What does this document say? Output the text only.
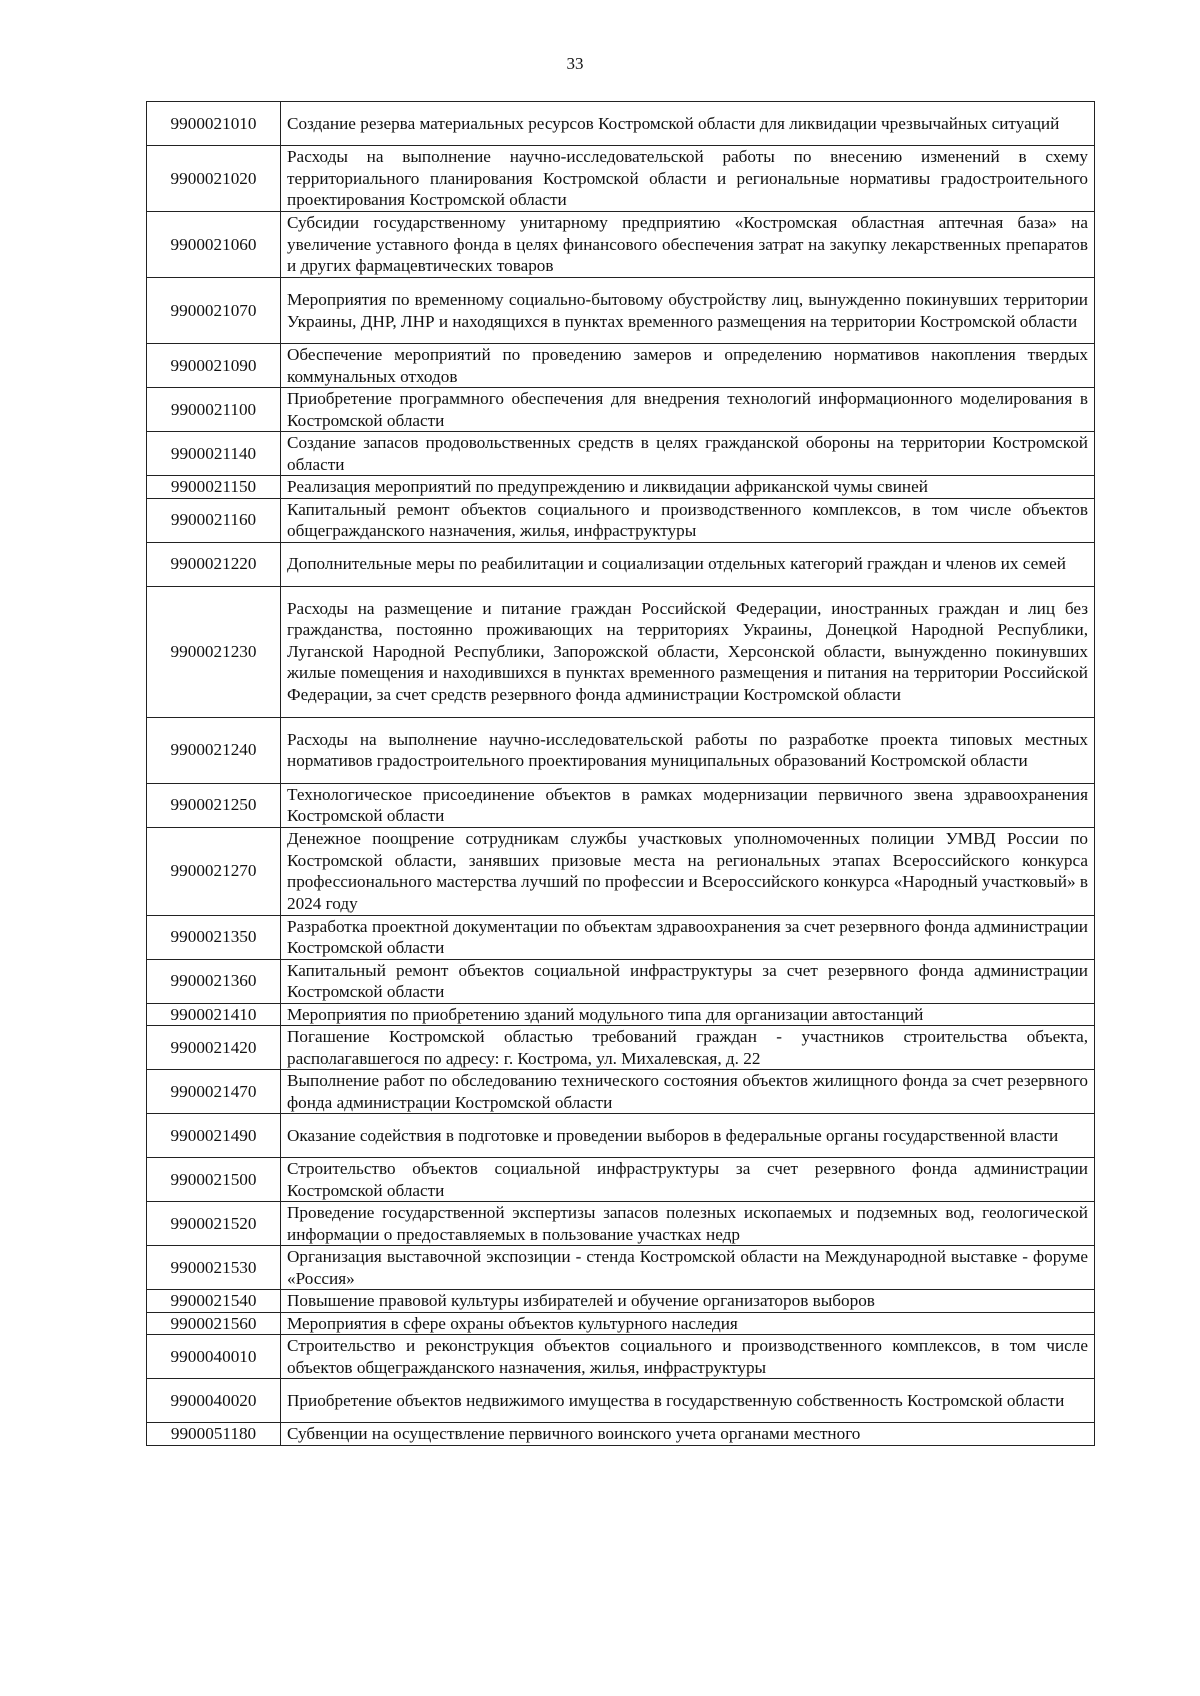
33
9900021010	Создание резерва материальных ресурсов Костромской области для ликвидации чрезвычайных ситуаций
9900021020	Расходы на выполнение научно-исследовательской работы по внесению изменений в схему территориального планирования Костромской области и региональные нормативы градостроительного проектирования Костромской области
9900021060	Субсидии государственному унитарному предприятию «Костромская областная аптечная база» на увеличение уставного фонда в целях финансового обеспечения затрат на закупку лекарственных препаратов и других фармацевтических товаров
9900021070	Мероприятия по временному социально-бытовому обустройству лиц, вынужденно покинувших территории Украины, ДНР, ЛНР и находящихся в пунктах временного размещения на территории Костромской области
9900021090	Обеспечение мероприятий по проведению замеров и определению нормативов накопления твердых коммунальных отходов
9900021100	Приобретение программного обеспечения для внедрения технологий информационного моделирования в Костромской области
9900021140	Создание запасов продовольственных средств в целях гражданской обороны на территории Костромской области
9900021150	Реализация мероприятий по предупреждению и ликвидации африканской чумы свиней
9900021160	Капитальный ремонт объектов социального и производственного комплексов, в том числе объектов общегражданского назначения, жилья, инфраструктуры
9900021220	Дополнительные меры по реабилитации и социализации отдельных категорий граждан и членов их семей
9900021230	Расходы на размещение и питание граждан Российской Федерации, иностранных граждан и лиц без гражданства, постоянно проживающих на территориях Украины, Донецкой Народной Республики, Луганской Народной Республики, Запорожской области, Херсонской области, вынужденно покинувших жилые помещения и находившихся в пунктах временного размещения и питания на территории Российской Федерации, за счет средств резервного фонда администрации Костромской области
9900021240	Расходы на выполнение научно-исследовательской работы по разработке проекта типовых местных нормативов градостроительного проектирования муниципальных образований Костромской области
9900021250	Технологическое присоединение объектов в рамках модернизации первичного звена здравоохранения Костромской области
9900021270	Денежное поощрение сотрудникам службы участковых уполномоченных полиции УМВД России по Костромской области, занявших призовые места на региональных этапах Всероссийского конкурса профессионального мастерства лучший по профессии и Всероссийского конкурса «Народный участковый» в 2024 году
9900021350	Разработка проектной документации по объектам здравоохранения за счет резервного фонда администрации Костромской области
9900021360	Капитальный ремонт объектов социальной инфраструктуры за счет резервного фонда администрации Костромской области
9900021410	Мероприятия по приобретению зданий модульного типа для организации автостанций
9900021420	Погашение Костромской областью требований граждан - участников строительства объекта, располагавшегося по адресу: г. Кострома, ул. Михалевская, д. 22
9900021470	Выполнение работ по обследованию технического состояния объектов жилищного фонда за счет резервного фонда администрации Костромской области
9900021490	Оказание содействия в подготовке и проведении выборов в федеральные органы государственной власти
9900021500	Строительство объектов социальной инфраструктуры за счет резервного фонда администрации Костромской области
9900021520	Проведение государственной экспертизы запасов полезных ископаемых и подземных вод, геологической информации о предоставляемых в пользование участках недр
9900021530	Организация выставочной экспозиции - стенда Костромской области на Международной выставке - форуме «Россия»
9900021540	Повышение правовой культуры избирателей и обучение организаторов выборов
9900021560	Мероприятия в сфере охраны объектов культурного наследия
9900040010	Строительство и реконструкция объектов социального и производственного комплексов, в том числе объектов общегражданского назначения, жилья, инфраструктуры
9900040020	Приобретение объектов недвижимого имущества в государственную собственность Костромской области
9900051180	Субвенции на осуществление первичного воинского учета органами местного
